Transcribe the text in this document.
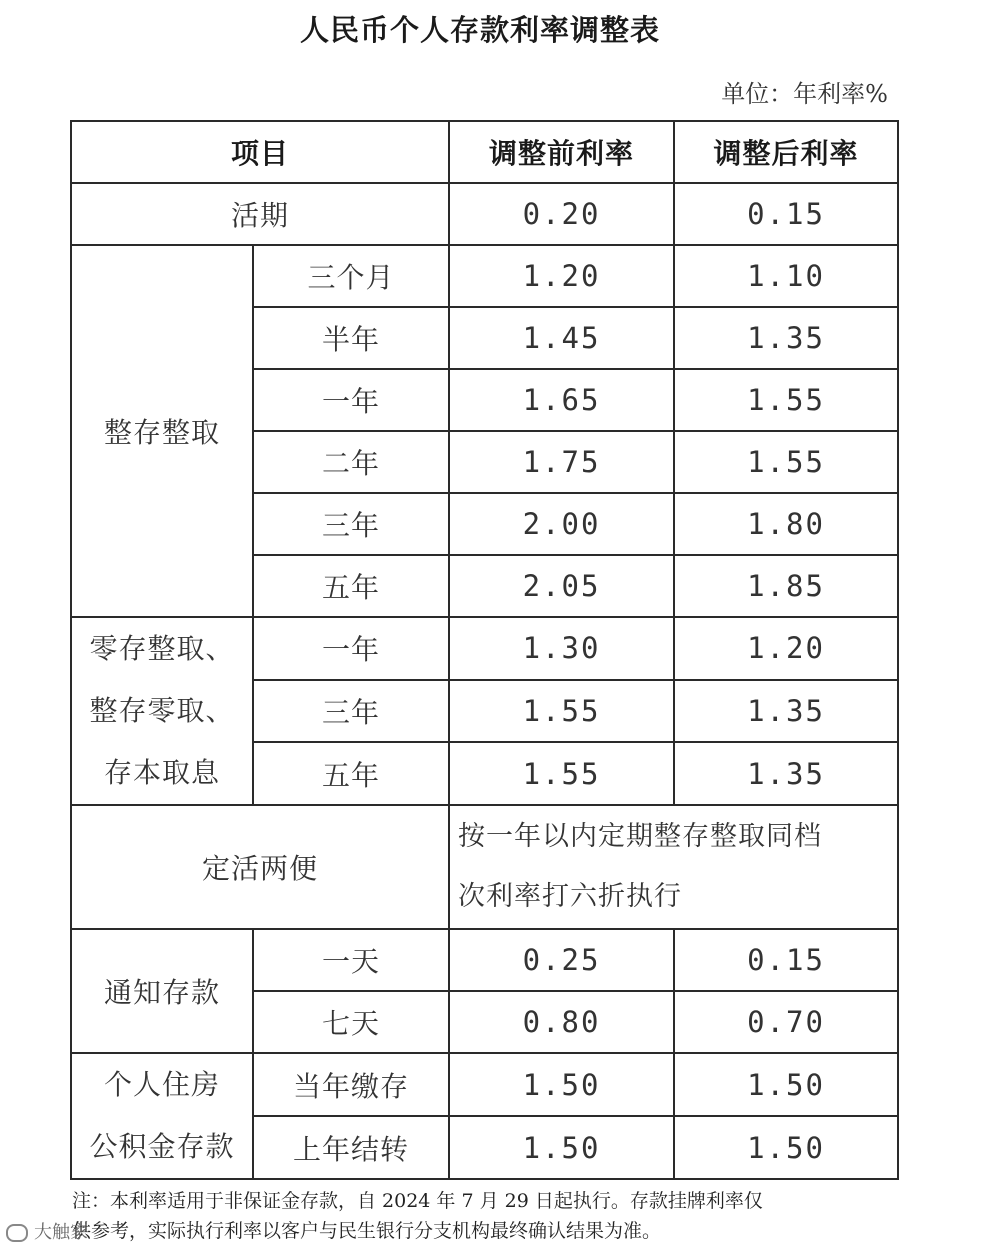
人民币个人存款利率调整表
单位：年利率%
项目		调整前利率	调整后利率
活期		0.20	0.15
整存整取	三个月	1.20	1.10
	半年	1.45	1.35
	一年	1.65	1.55
	二年	1.75	1.55
	三年	2.00	1.80
	五年	2.05	1.85

零存整取、
整存零取、
存本取息	一年	1.30	1.20
	三年	1.55	1.35
	五年	1.55	1.35
定活两便		按一年以内定期整存整取同档
次利率打六折执行	

通知存款	一天	0.25	0.15
	七天	0.80	0.70

个人住房
公积金存款	当年缴存	1.50	1.50
	上年结转	1.50	1.50
注：本利率适用于非保证金存款，自 2024 年 7 月 29 日起执行。存款挂牌利率仅
供参考，实际执行利率以客户与民生银行分支机构最终确认结果为准。
大触家
